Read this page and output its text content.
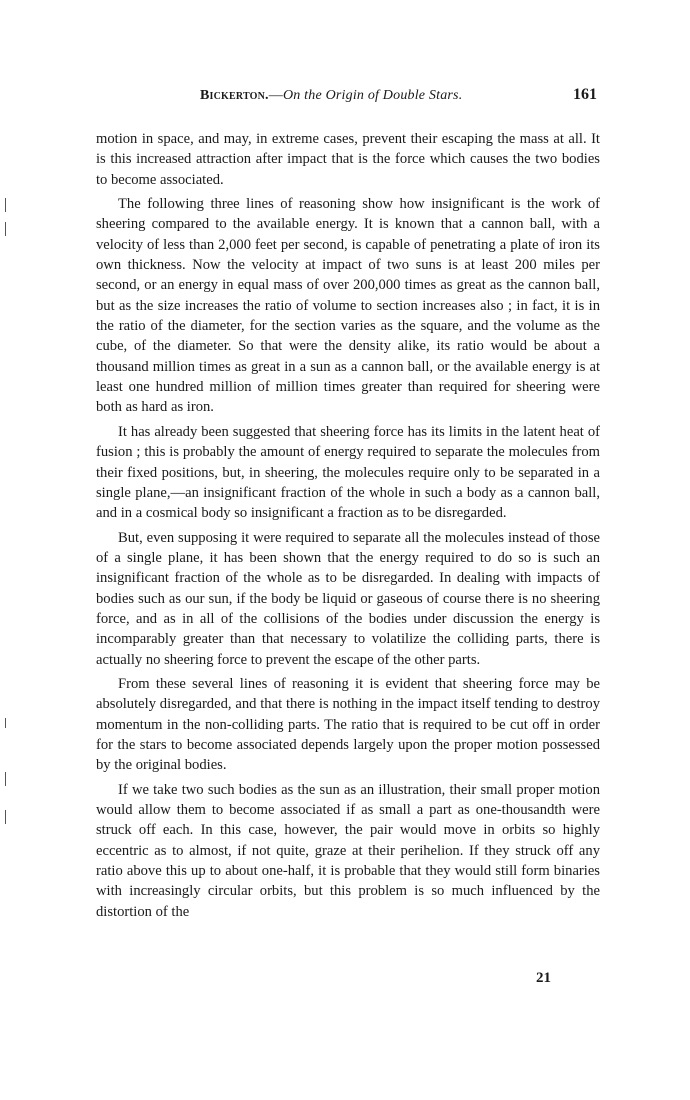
Bickerton.—On the Origin of Double Stars.	161

motion in space, and may, in extreme cases, prevent their escaping the mass at all. It is this increased attraction after impact that is the force which causes the two bodies to become associated.

The following three lines of reasoning show how insignificant is the work of sheering compared to the available energy. It is known that a cannon ball, with a velocity of less than 2,000 feet per second, is capable of penetrating a plate of iron its own thickness. Now the velocity at impact of two suns is at least 200 miles per second, or an energy in equal mass of over 200,000 times as great as the cannon ball, but as the size increases the ratio of volume to section increases also ; in fact, it is in the ratio of the diameter, for the section varies as the square, and the volume as the cube, of the diameter. So that were the density alike, its ratio would be about a thousand million times as great in a sun as a cannon ball, or the available energy is at least one hundred million of million times greater than required for sheering were both as hard as iron.

It has already been suggested that sheering force has its limits in the latent heat of fusion ; this is probably the amount of energy required to separate the molecules from their fixed positions, but, in sheering, the molecules require only to be separated in a single plane,—an insignificant fraction of the whole in such a body as a cannon ball, and in a cosmical body so insignificant a fraction as to be disregarded.

But, even supposing it were required to separate all the molecules instead of those of a single plane, it has been shown that the energy required to do so is such an insignificant fraction of the whole as to be disregarded. In dealing with impacts of bodies such as our sun, if the body be liquid or gaseous of course there is no sheering force, and as in all of the collisions of the bodies under discussion the energy is incomparably greater than that necessary to volatilize the colliding parts, there is actually no sheering force to prevent the escape of the other parts.

From these several lines of reasoning it is evident that sheering force may be absolutely disregarded, and that there is nothing in the impact itself tending to destroy momentum in the non-colliding parts. The ratio that is required to be cut off in order for the stars to become associated depends largely upon the proper motion possessed by the original bodies.

If we take two such bodies as the sun as an illustration, their small proper motion would allow them to become associated if as small a part as one-thousandth were struck off each. In this case, however, the pair would move in orbits so highly eccentric as to almost, if not quite, graze at their perihelion. If they struck off any ratio above this up to about one-half, it is probable that they would still form binaries with increasingly circular orbits, but this problem is so much influenced by the distortion of the

21
